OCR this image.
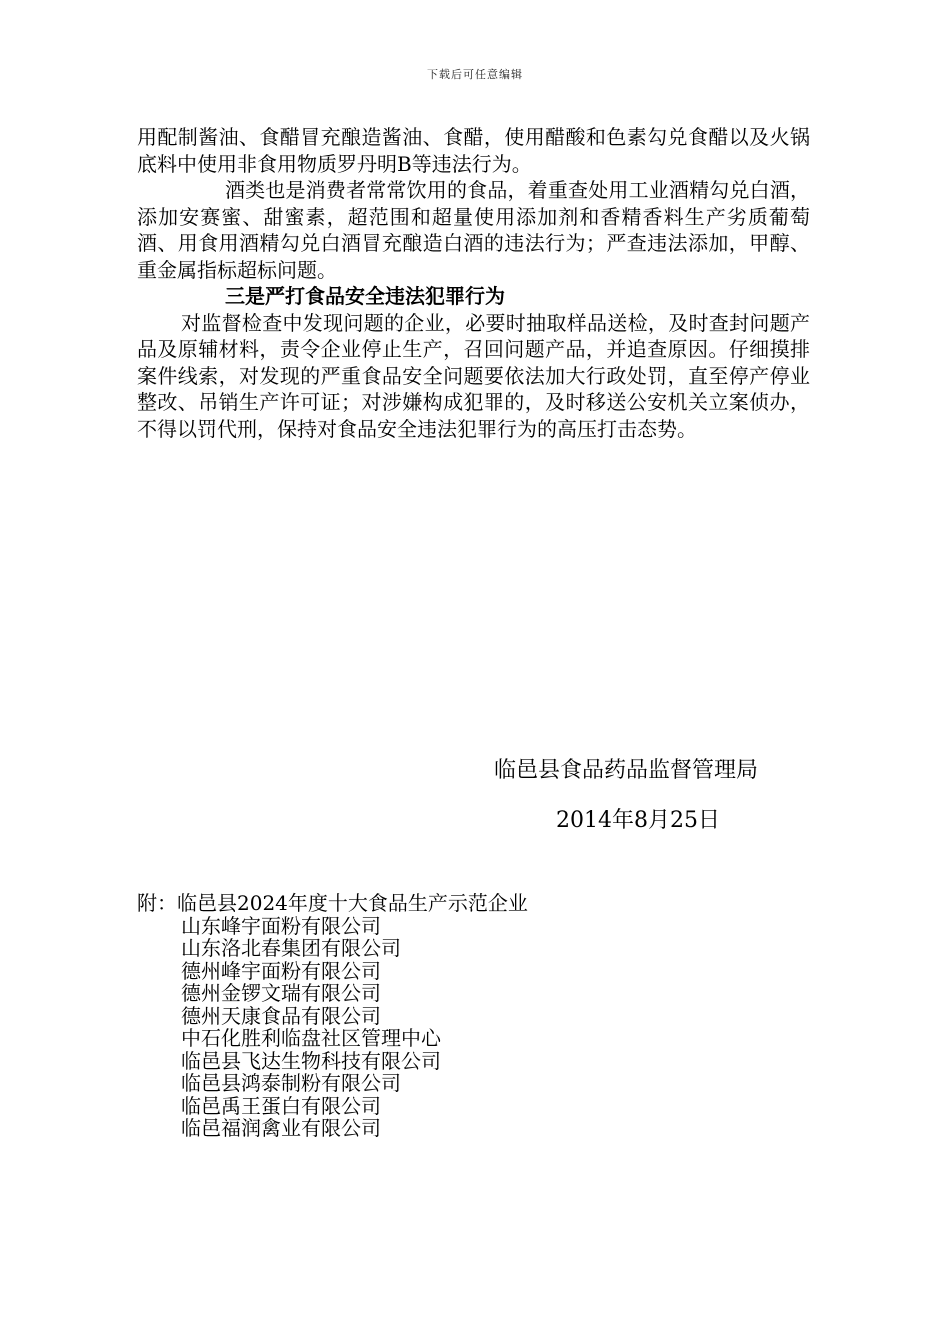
下载后可任意编辑

用配制酱油、食醋冒充酿造酱油、食醋，使用醋酸和色素勾兑食醋以及火锅底料中使用非食用物质罗丹明B等违法行为。

酒类也是消费者常常饮用的食品，着重查处用工业酒精勾兑白酒，添加安赛蜜、甜蜜素，超范围和超量使用添加剂和香精香料生产劣质葡萄酒、用食用酒精勾兑白酒冒充酿造白酒的违法行为；严查违法添加，甲醇、重金属指标超标问题。

三是严打食品安全违法犯罪行为

对监督检查中发现问题的企业，必要时抽取样品送检，及时查封问题产品及原辅材料，责令企业停止生产，召回问题产品，并追查原因。仔细摸排案件线索，对发现的严重食品安全问题要依法加大行政处罚，直至停产停业整改、吊销生产许可证；对涉嫌构成犯罪的，及时移送公安机关立案侦办，不得以罚代刑，保持对食品安全违法犯罪行为的高压打击态势。

临邑县食品药品监督管理局
2014年8月25日
附：临邑县2024年度十大食品生产示范企业
山东峰宇面粉有限公司
山东洛北春集团有限公司
德州峰宇面粉有限公司
德州金锣文瑞有限公司
德州天康食品有限公司
中石化胜利临盘社区管理中心
临邑县飞达生物科技有限公司
临邑县鸿泰制粉有限公司
临邑禹王蛋白有限公司
临邑福润禽业有限公司
